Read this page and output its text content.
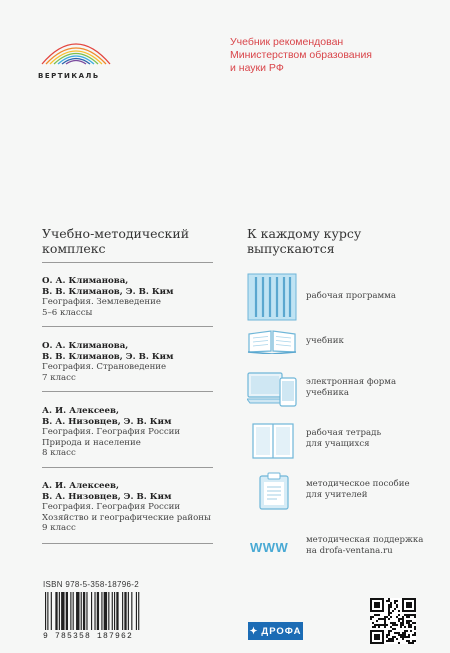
ВЕРТИКАЛЬ
Учебник рекомендован
Министерством образования
и науки РФ
Учебно-методический
комплекс
К каждому курсу
выпускаются
О. А. Климанова,
В. В. Климанов, Э. В. Ким
География. Землеведение
5–6 классы
О. А. Климанова,
В. В. Климанов, Э. В. Ким
География. Страноведение
7 класс
А. И. Алексеев,
В. А. Низовцев, Э. В. Ким
География. География России
Природа и население
8 класс
А. И. Алексеев,
В. А. Низовцев, Э. В. Ким
География. География России
Хозяйство и географические районы
9 класс
рабочая программа
учебник
электронная форма
учебника
рабочая тетрадь
для учащихся
методическое пособие
для учителей
WWW методическая поддержка
на drofa-ventana.ru
ISBN 978-5-358-18796-2
9 785358 187962	✦ ДРОФА
